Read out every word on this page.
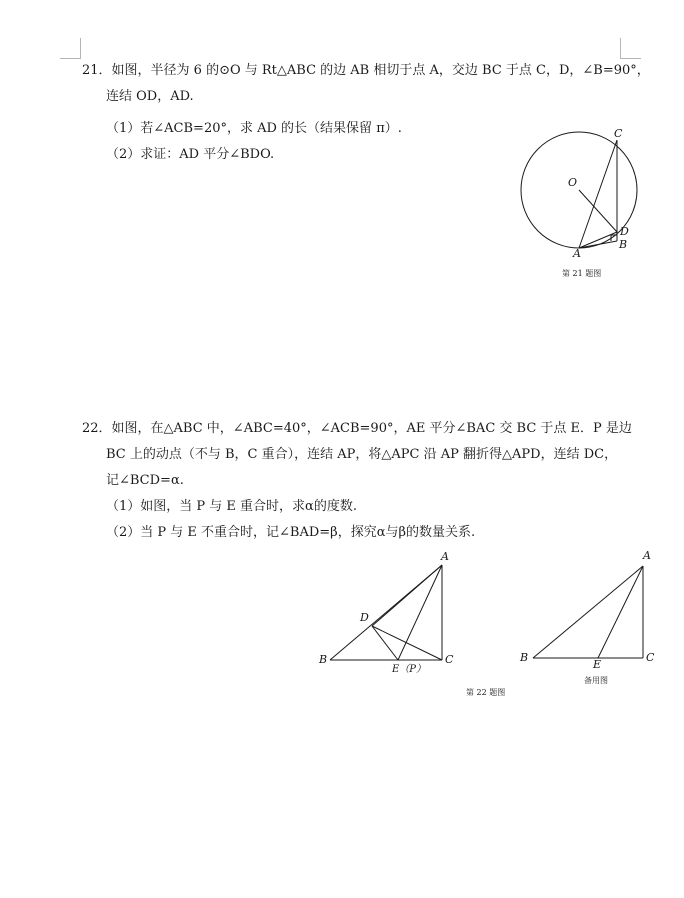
21．如图，半径为 6 的⊙O 与 Rt△ABC 的边 AB 相切于点 A，交边 BC 于点 C，D，∠B=90°，
连结 OD，AD.
（1）若∠ACB=20°，求 AD 的长（结果保留 π）.
（2）求证：AD 平分∠BDO.
C
O
D
A
B
第 21 题图
22．如图，在△ABC 中，∠ABC=40°，∠ACB=90°，AE 平分∠BAC 交 BC 于点 E．P 是边
BC 上的动点（不与 B，C 重合），连结 AP，将△APC 沿 AP 翻折得△APD，连结 DC，
记∠BCD=α.
（1）如图，当 P 与 E 重合时，求α的度数.
（2）当 P 与 E 不重合时，记∠BAD=β，探究α与β的数量关系.
A
D
B	C
E（P）
A
B	C
E
备用图
第 22 题图
